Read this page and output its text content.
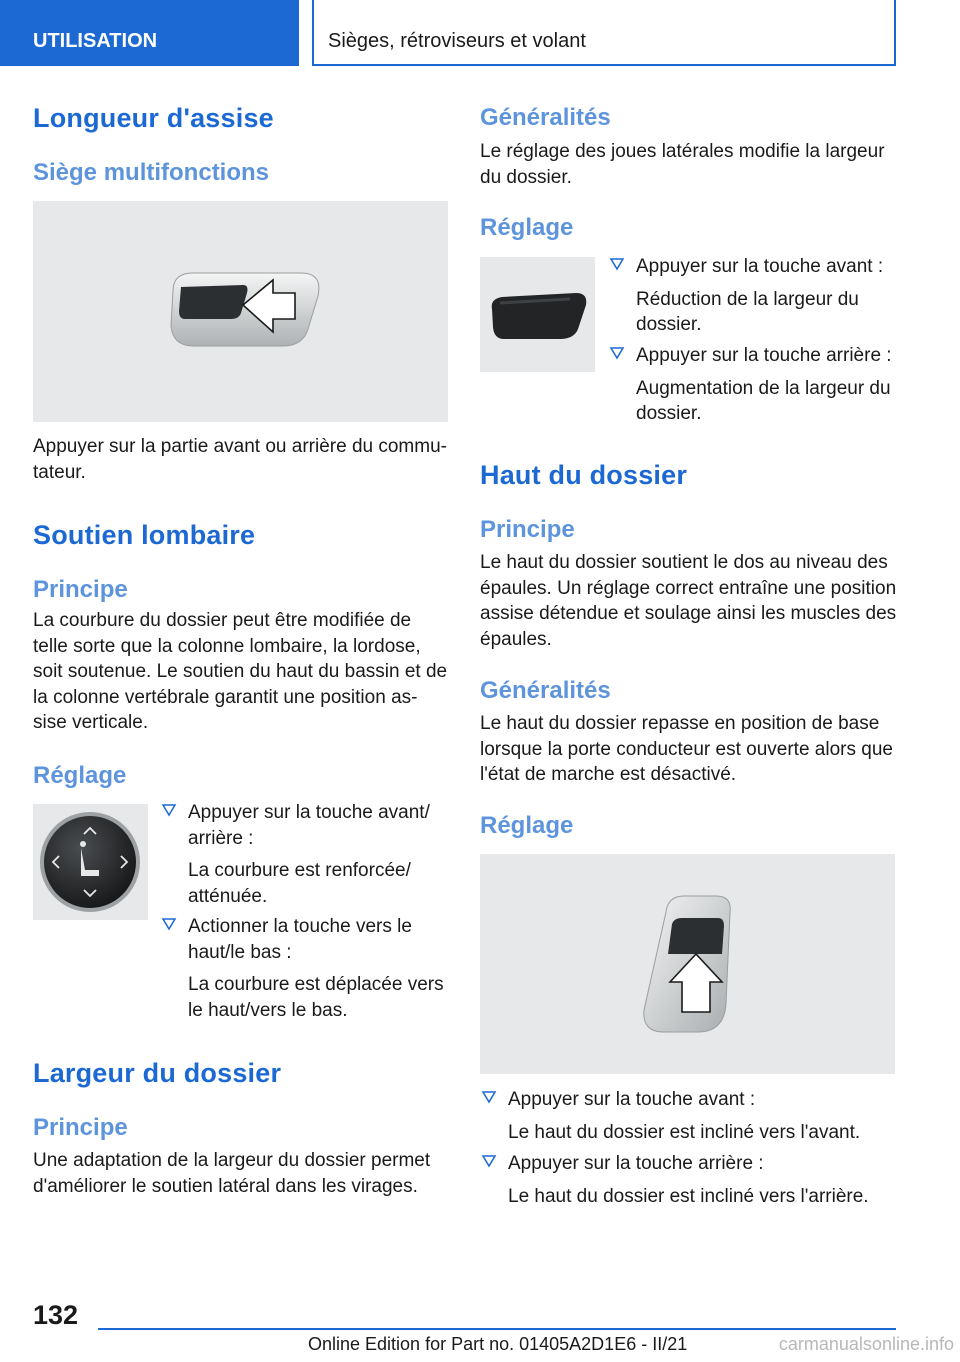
UTILISATION	Sièges, rétroviseurs et volant
Longueur d'assise
Siège multifonctions

Appuyer sur la partie avant ou arrière du commu-
tateur.

Soutien lombaire
Principe

La courbure du dossier peut être modifiée de telle sorte que la colonne lombaire, la lordose, soit soutenue. Le soutien du haut du bassin et de la colonne vertébrale garantit une position as-
sise verticale.

Réglage
Appuyer sur la touche avant/
arrière :
La courbure est renforcée/
atténuée.
Actionner la touche vers le
haut/le bas :
La courbure est déplacée vers
le haut/vers le bas.
Largeur du dossier
Principe

Une adaptation de la largeur du dossier permet d'améliorer le soutien latéral dans les virages.

Généralités

Le réglage des joues latérales modifie la largeur du dossier.

Réglage
Appuyer sur la touche avant :
Réduction de la largeur du
dossier.
Appuyer sur la touche arrière :
Augmentation de la largeur du
dossier.
Haut du dossier
Principe

Le haut du dossier soutient le dos au niveau des épaules. Un réglage correct entraîne une position assise détendue et soulage ainsi les muscles des épaules.

Généralités

Le haut du dossier repasse en position de base lorsque la porte conducteur est ouverte alors que l'état de marche est désactivé.

Réglage
Appuyer sur la touche avant :
Le haut du dossier est incliné vers l'avant.
Appuyer sur la touche arrière :
Le haut du dossier est incliné vers l'arrière.
132
Online Edition for Part no. 01405A2D1E6 - II/21	carmanualsonline.info
